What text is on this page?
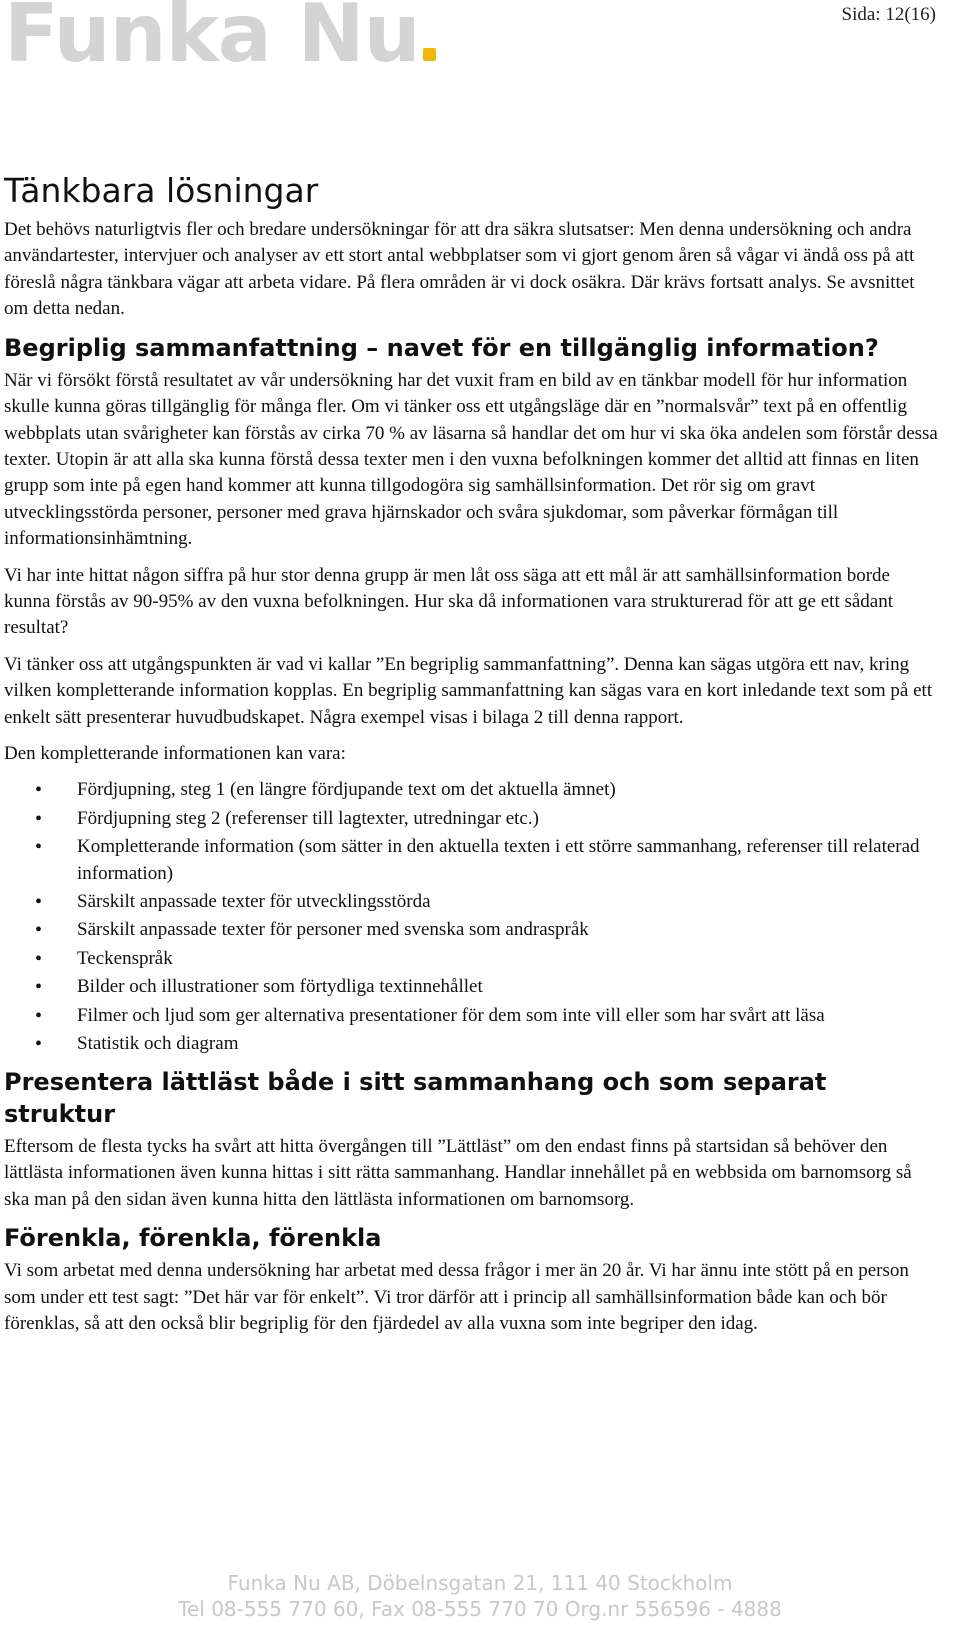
Funka Nu	Sida: 12(16)
Tänkbara lösningar

Det behövs naturligtvis fler och bredare undersökningar för att dra säkra slutsatser: Men denna undersökning och andra användartester, intervjuer och analyser av ett stort antal webbplatser som vi gjort genom åren så vågar vi ändå oss på att föreslå några tänkbara vägar att arbeta vidare. På flera områden är vi dock osäkra. Där krävs fortsatt analys. Se avsnittet om detta nedan.

Begriplig sammanfattning – navet för en tillgänglig information?

När vi försökt förstå resultatet av vår undersökning har det vuxit fram en bild av en tänkbar modell för hur information skulle kunna göras tillgänglig för många fler. Om vi tänker oss ett utgångsläge där en ”normalsvår” text på en offentlig webbplats utan svårigheter kan förstås av cirka 70 % av läsarna så handlar det om hur vi ska öka andelen som förstår dessa texter. Utopin är att alla ska kunna förstå dessa texter men i den vuxna befolkningen kommer det alltid att finnas en liten grupp som inte på egen hand kommer att kunna tillgodogöra sig samhällsinformation. Det rör sig om gravt utvecklingsstörda personer, personer med grava hjärnskador och svåra sjukdomar, som påverkar förmågan till informationsinhämtning.

Vi har inte hittat någon siffra på hur stor denna grupp är men låt oss säga att ett mål är att samhällsinformation borde kunna förstås av 90-95% av den vuxna befolkningen. Hur ska då informationen vara strukturerad för att ge ett sådant resultat?

Vi tänker oss att utgångspunkten är vad vi kallar ”En begriplig sammanfattning”. Denna kan sägas utgöra ett nav, kring vilken kompletterande information kopplas. En begriplig sammanfattning kan sägas vara en kort inledande text som på ett enkelt sätt presenterar huvudbudskapet. Några exempel visas i bilaga 2 till denna rapport.

Den kompletterande informationen kan vara:

• Fördjupning, steg 1 (en längre fördjupande text om det aktuella ämnet)
• Fördjupning steg 2 (referenser till lagtexter, utredningar etc.)
• Kompletterande information (som sätter in den aktuella texten i ett större sammanhang, referenser till relaterad information)
• Särskilt anpassade texter för utvecklingsstörda
• Särskilt anpassade texter för personer med svenska som andraspråk
• Teckenspråk
• Bilder och illustrationer som förtydliga textinnehållet
• Filmer och ljud som ger alternativa presentationer för dem som inte vill eller som har svårt att läsa
• Statistik och diagram
Presentera lättläst både i sitt sammanhang och som separat struktur

Eftersom de flesta tycks ha svårt att hitta övergången till ”Lättläst” om den endast finns på startsidan så behöver den lättlästa informationen även kunna hittas i sitt rätta sammanhang. Handlar innehållet på en webbsida om barnomsorg så ska man på den sidan även kunna hitta den lättlästa informationen om barnomsorg.

Förenkla, förenkla, förenkla

Vi som arbetat med denna undersökning har arbetat med dessa frågor i mer än 20 år. Vi har ännu inte stött på en person som under ett test sagt: ”Det här var för enkelt”. Vi tror därför att i princip all samhällsinformation både kan och bör förenklas, så att den också blir begriplig för den fjärdedel av alla vuxna som inte begriper den idag.

Funka Nu AB, Döbelnsgatan 21, 111 40 Stockholm
Tel 08-555 770 60, Fax 08-555 770 70 Org.nr 556596 - 4888
